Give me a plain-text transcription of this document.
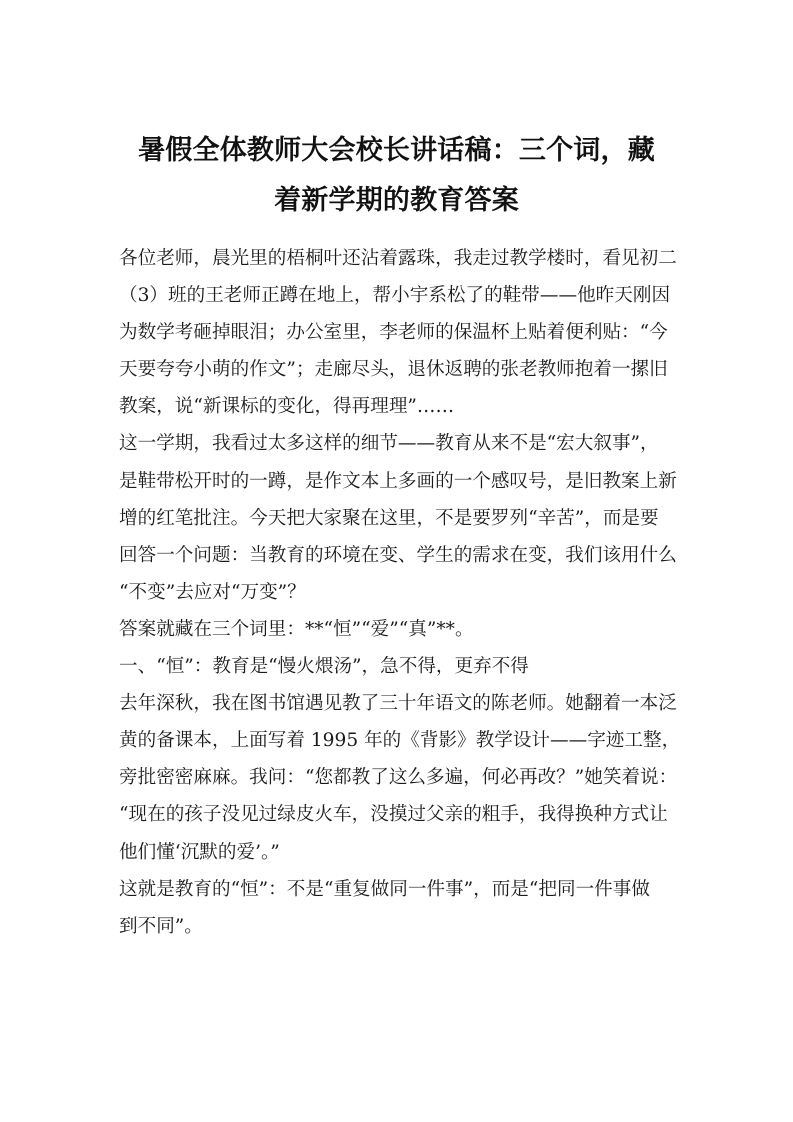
暑假全体教师大会校长讲话稿：三个词，藏
着新学期的教育答案
各位老师，晨光里的梧桐叶还沾着露珠，我走过教学楼时，看见初二
（3）班的王老师正蹲在地上，帮小宇系松了的鞋带——他昨天刚因
为数学考砸掉眼泪；办公室里，李老师的保温杯上贴着便利贴：“今
天要夸夸小萌的作文”；走廊尽头，退休返聘的张老教师抱着一摞旧
教案，说“新课标的变化，得再理理”……
这一学期，我看过太多这样的细节——教育从来不是“宏大叙事”，
是鞋带松开时的一蹲，是作文本上多画的一个感叹号，是旧教案上新
增的红笔批注。今天把大家聚在这里，不是要罗列“辛苦”，而是要
回答一个问题：当教育的环境在变、学生的需求在变，我们该用什么
“不变”去应对“万变”？
答案就藏在三个词里：**“恒”“爱”“真”**。
一、“恒”：教育是“慢火煨汤”，急不得，更弃不得
去年深秋，我在图书馆遇见教了三十年语文的陈老师。她翻着一本泛
黄的备课本，上面写着 1995 年的《背影》教学设计——字迹工整，
旁批密密麻麻。我问：“您都教了这么多遍，何必再改？”她笑着说：
“现在的孩子没见过绿皮火车，没摸过父亲的粗手，我得换种方式让
他们懂‘沉默的爱’。”
这就是教育的“恒”：不是“重复做同一件事”，而是“把同一件事做
到不同”。
